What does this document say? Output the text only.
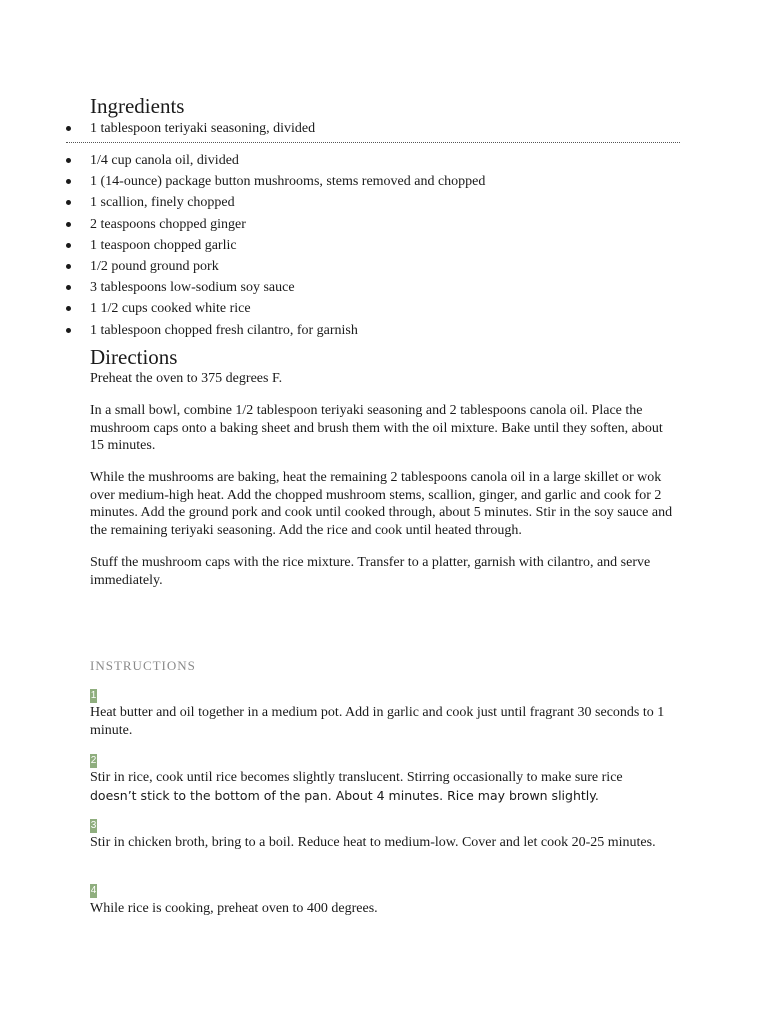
Ingredients
1 tablespoon teriyaki seasoning, divided
1/4 cup canola oil, divided
1 (14-ounce) package button mushrooms, stems removed and chopped
1 scallion, finely chopped
2 teaspoons chopped ginger
1 teaspoon chopped garlic
1/2 pound ground pork
3 tablespoons low-sodium soy sauce
1 1/2 cups cooked white rice
1 tablespoon chopped fresh cilantro, for garnish
Directions

Preheat the oven to 375 degrees F.

In a small bowl, combine 1/2 tablespoon teriyaki seasoning and 2 tablespoons canola oil. Place the mushroom caps onto a baking sheet and brush them with the oil mixture. Bake until they soften, about 15 minutes.

While the mushrooms are baking, heat the remaining 2 tablespoons canola oil in a large skillet or wok over medium-high heat. Add the chopped mushroom stems, scallion, ginger, and garlic and cook for 2 minutes. Add the ground pork and cook until cooked through, about 5 minutes. Stir in the soy sauce and the remaining teriyaki seasoning. Add the rice and cook until heated through.

Stuff the mushroom caps with the rice mixture. Transfer to a platter, garnish with cilantro, and serve immediately.

INSTRUCTIONS

1

Heat butter and oil together in a medium pot. Add in garlic and cook just until fragrant 30 seconds to 1 minute.

2

Stir in rice, cook until rice becomes slightly translucent. Stirring occasionally to make sure rice
doesn’t stick to the bottom of the pan. About 4 minutes. Rice may brown slightly.

3

Stir in chicken broth, bring to a boil. Reduce heat to medium-low. Cover and let cook 20-25 minutes.

4

While rice is cooking, preheat oven to 400 degrees.
